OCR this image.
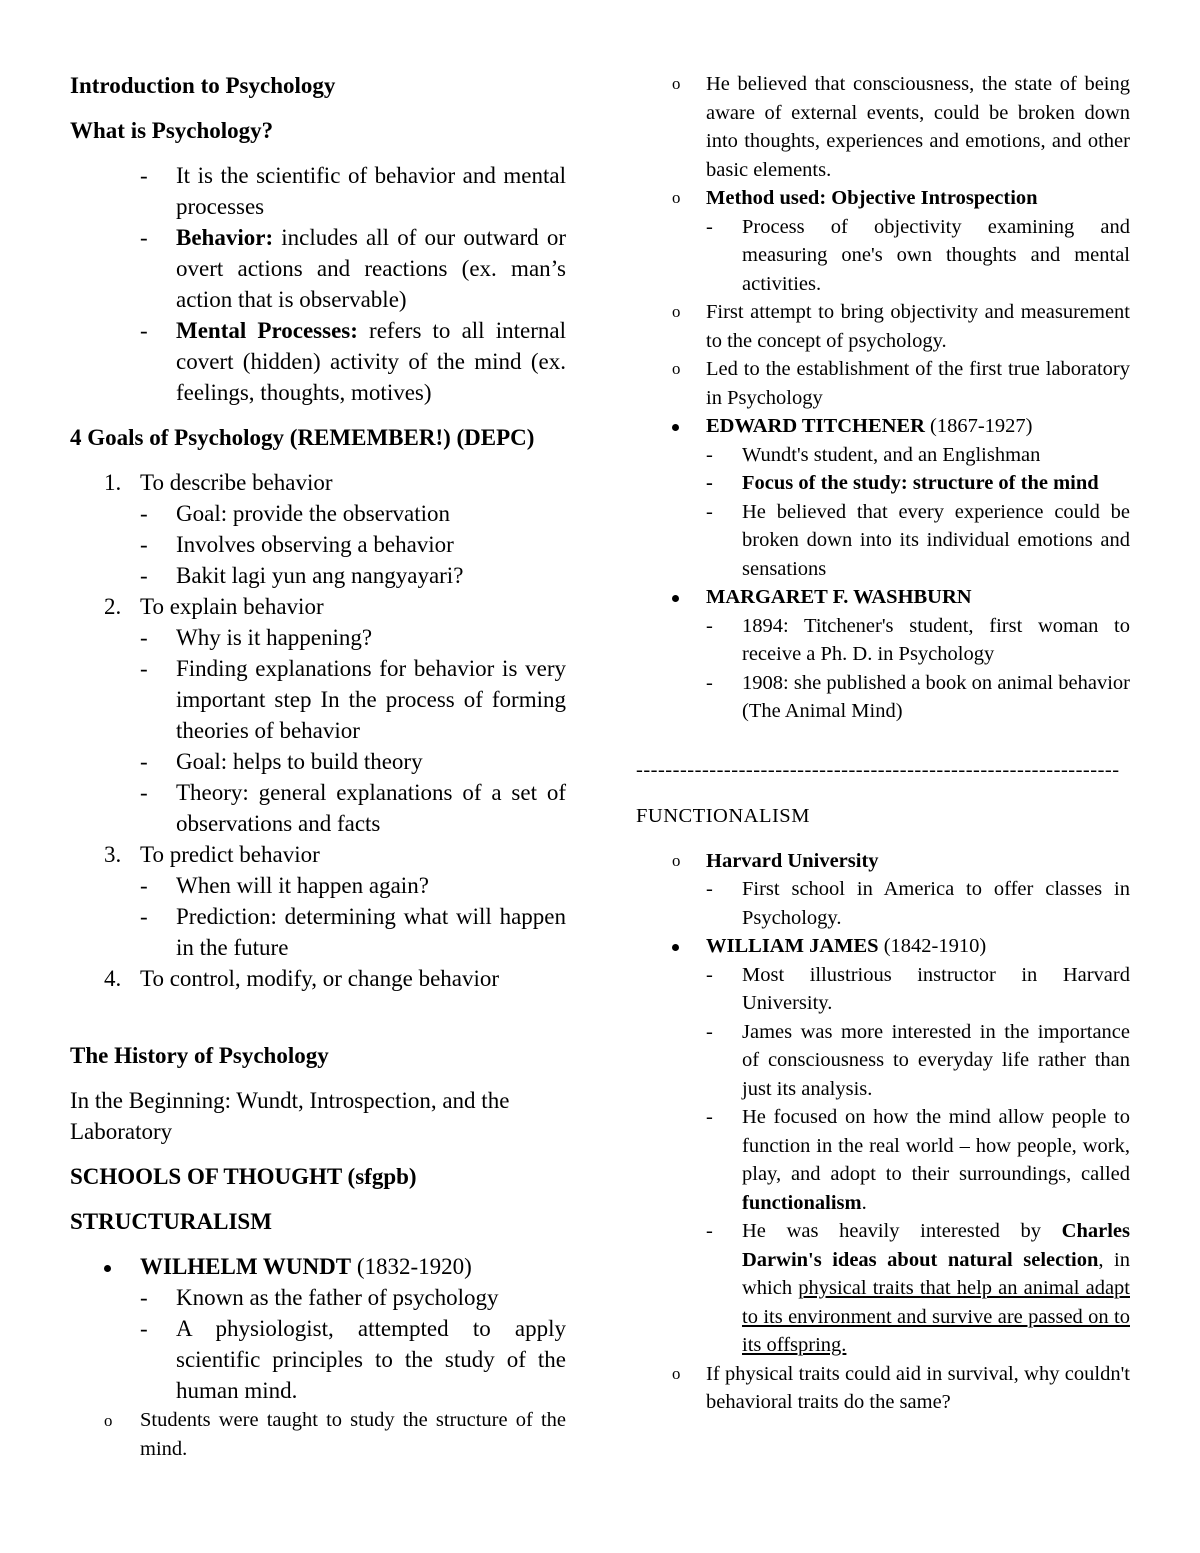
Introduction to Psychology

What is Psychology?

- It is the scientific of behavior and mental processes
- Behavior: includes all of our outward or overt actions and reactions (ex. man’s action that is observable)
- Mental Processes: refers to all internal covert (hidden) activity of the mind (ex. feelings, thoughts, motives)

4 Goals of Psychology (REMEMBER!) (DEPC)

1. To describe behavior
- Goal: provide the observation
- Involves observing a behavior
- Bakit lagi yun ang nangyayari?
2. To explain behavior
- Why is it happening?
- Finding explanations for behavior is very important step In the process of forming theories of behavior
- Goal: helps to build theory
- Theory: general explanations of a set of observations and facts
3. To predict behavior
- When will it happen again?
- Prediction: determining what will happen in the future
4. To control, modify, or change behavior

The History of Psychology

In the Beginning: Wundt, Introspection, and the Laboratory

SCHOOLS OF THOUGHT (sfgpb)

STRUCTURALISM

WILHELM WUNDT (1832-1920)
- Known as the father of psychology
- A physiologist, attempted to apply scientific principles to the study of the human mind.
o Students were taught to study the structure of the mind.
o He believed that consciousness, the state of being aware of external events, could be broken down into thoughts, experiences and emotions, and other basic elements.
o Method used: Objective Introspection
- Process of objectivity examining and measuring one's own thoughts and mental activities.
o First attempt to bring objectivity and measurement to the concept of psychology.
o Led to the establishment of the first true laboratory in Psychology
EDWARD TITCHENER (1867-1927)
- Wundt's student, and an Englishman
- Focus of the study: structure of the mind
- He believed that every experience could be broken down into its individual emotions and sensations
MARGARET F. WASHBURN
- 1894: Titchener's student, first woman to receive a Ph. D. in Psychology
- 1908: she published a book on animal behavior (The Animal Mind)

------------------------------------------------------------------

FUNCTIONALISM

o Harvard University
- First school in America to offer classes in Psychology.
WILLIAM JAMES (1842-1910)
- Most illustrious instructor in Harvard University.
- James was more interested in the importance of consciousness to everyday life rather than just its analysis.
- He focused on how the mind allow people to function in the real world – how people, work, play, and adopt to their surroundings, called functionalism.
- He was heavily interested by Charles Darwin's ideas about natural selection, in which physical traits that help an animal adapt to its environment and survive are passed on to its offspring.
o If physical traits could aid in survival, why couldn't behavioral traits do the same?
